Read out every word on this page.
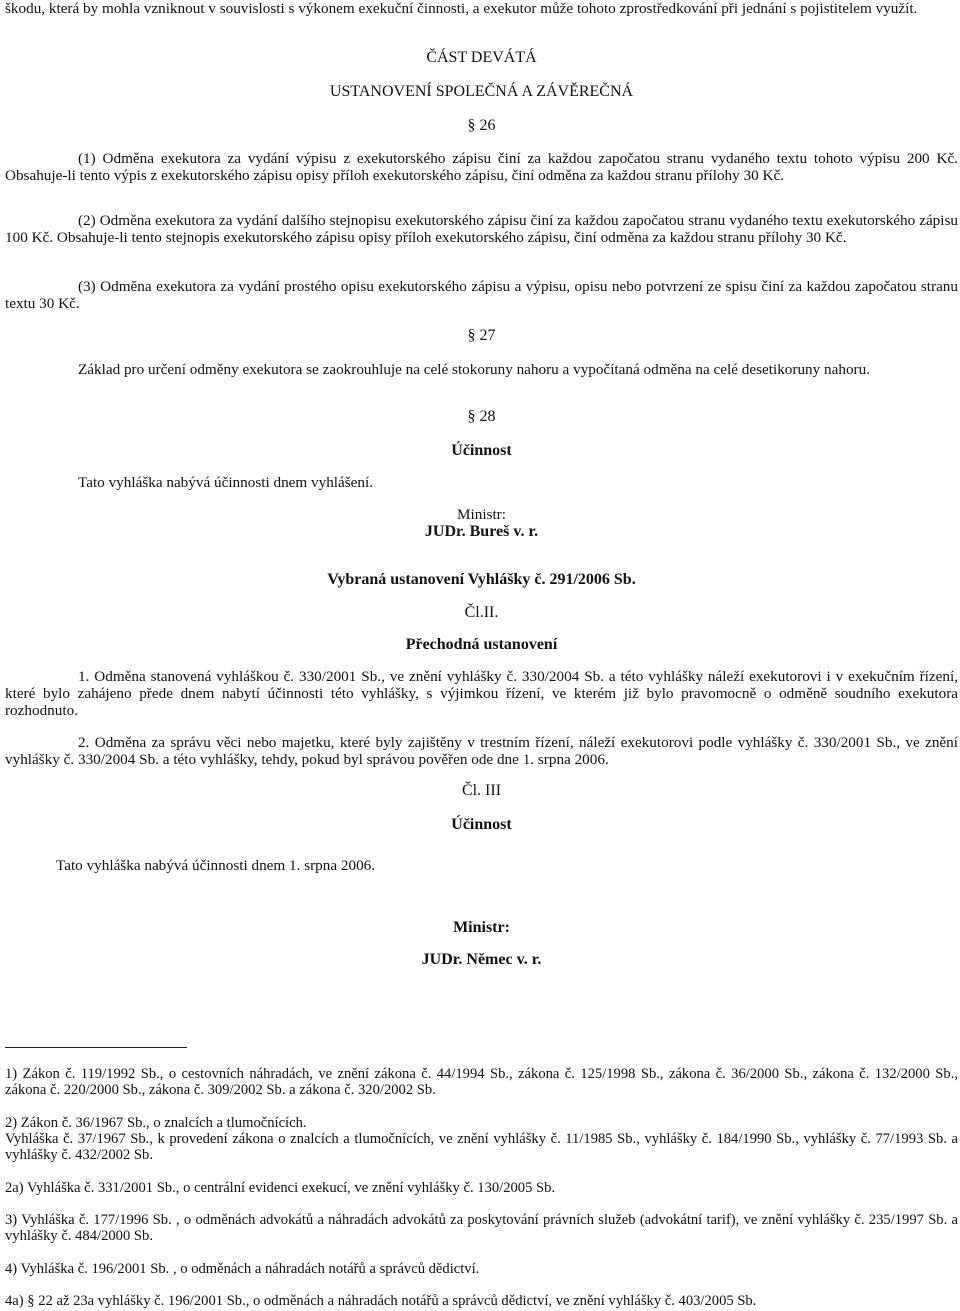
škodu, která by mohla vzniknout v souvislosti s výkonem exekuční činnosti, a exekutor může tohoto zprostředkování při jednání s pojistitelem využít.

ČÁST DEVÁTÁ
USTANOVENÍ SPOLEČNÁ A ZÁVĚREČNÁ
§ 26

(1) Odměna exekutora za vydání výpisu z exekutorského zápisu činí za každou započatou stranu vydaného textu tohoto výpisu 200 Kč. Obsahuje-li tento výpis z exekutorského zápisu opisy příloh exekutorského zápisu, činí odměna za každou stranu přílohy 30 Kč.

(2) Odměna exekutora za vydání dalšího stejnopisu exekutorského zápisu činí za každou započatou stranu vydaného textu exekutorského zápisu 100 Kč. Obsahuje-li tento stejnopis exekutorského zápisu opisy příloh exekutorského zápisu, činí odměna za každou stranu přílohy 30 Kč.

(3) Odměna exekutora za vydání prostého opisu exekutorského zápisu a výpisu, opisu nebo potvrzení ze spisu činí za každou započatou stranu textu 30 Kč.

§ 27

Základ pro určení odměny exekutora se zaokrouhluje na celé stokoruny nahoru a vypočítaná odměna na celé desetikoruny nahoru.

§ 28
Účinnost

Tato vyhláška nabývá účinnosti dnem vyhlášení.

Ministr:
JUDr. Bureš v. r.
Vybraná ustanovení Vyhlášky č. 291/2006 Sb.
Čl.II.
Přechodná ustanovení

1. Odměna stanovená vyhláškou č. 330/2001 Sb., ve znění vyhlášky č. 330/2004 Sb. a této vyhlášky náleží exekutorovi i v exekučním řízení, které bylo zahájeno přede dnem nabytí účinnosti této vyhlášky, s výjimkou řízení, ve kterém již bylo pravomocně o odměně soudního exekutora rozhodnuto.

2. Odměna za správu věci nebo majetku, které byly zajištěny v trestním řízení, náleží exekutorovi podle vyhlášky č. 330/2001 Sb., ve znění vyhlášky č. 330/2004 Sb. a této vyhlášky, tehdy, pokud byl správou pověřen ode dne 1. srpna 2006.

Čl. III
Účinnost

Tato vyhláška nabývá účinnosti dnem 1. srpna 2006.

Ministr:
JUDr. Němec v. r.

1) Zákon č. 119/1992 Sb., o cestovních náhradách, ve znění zákona č. 44/1994 Sb., zákona č. 125/1998 Sb., zákona č. 36/2000 Sb., zákona č. 132/2000 Sb., zákona č. 220/2000 Sb., zákona č. 309/2002 Sb. a zákona č. 320/2002 Sb.

2) Zákon č. 36/1967 Sb., o znalcích a tlumočnících.

Vyhláška č. 37/1967 Sb., k provedení zákona o znalcích a tlumočnících, ve znění vyhlášky č. 11/1985 Sb., vyhlášky č. 184/1990 Sb., vyhlášky č. 77/1993 Sb. a vyhlášky č. 432/2002 Sb.

2a) Vyhláška č. 331/2001 Sb., o centrální evidenci exekucí, ve znění vyhlášky č. 130/2005 Sb.

3) Vyhláška č. 177/1996 Sb. , o odměnách advokátů a náhradách advokátů za poskytování právních služeb (advokátní tarif), ve znění vyhlášky č. 235/1997 Sb. a vyhlášky č. 484/2000 Sb.

4) Vyhláška č. 196/2001 Sb. , o odměnách a náhradách notářů a správců dědictví.

4a) § 22 až 23a vyhlášky č. 196/2001 Sb., o odměnách a náhradách notářů a správců dědictví, ve znění vyhlášky č. 403/2005 Sb.
